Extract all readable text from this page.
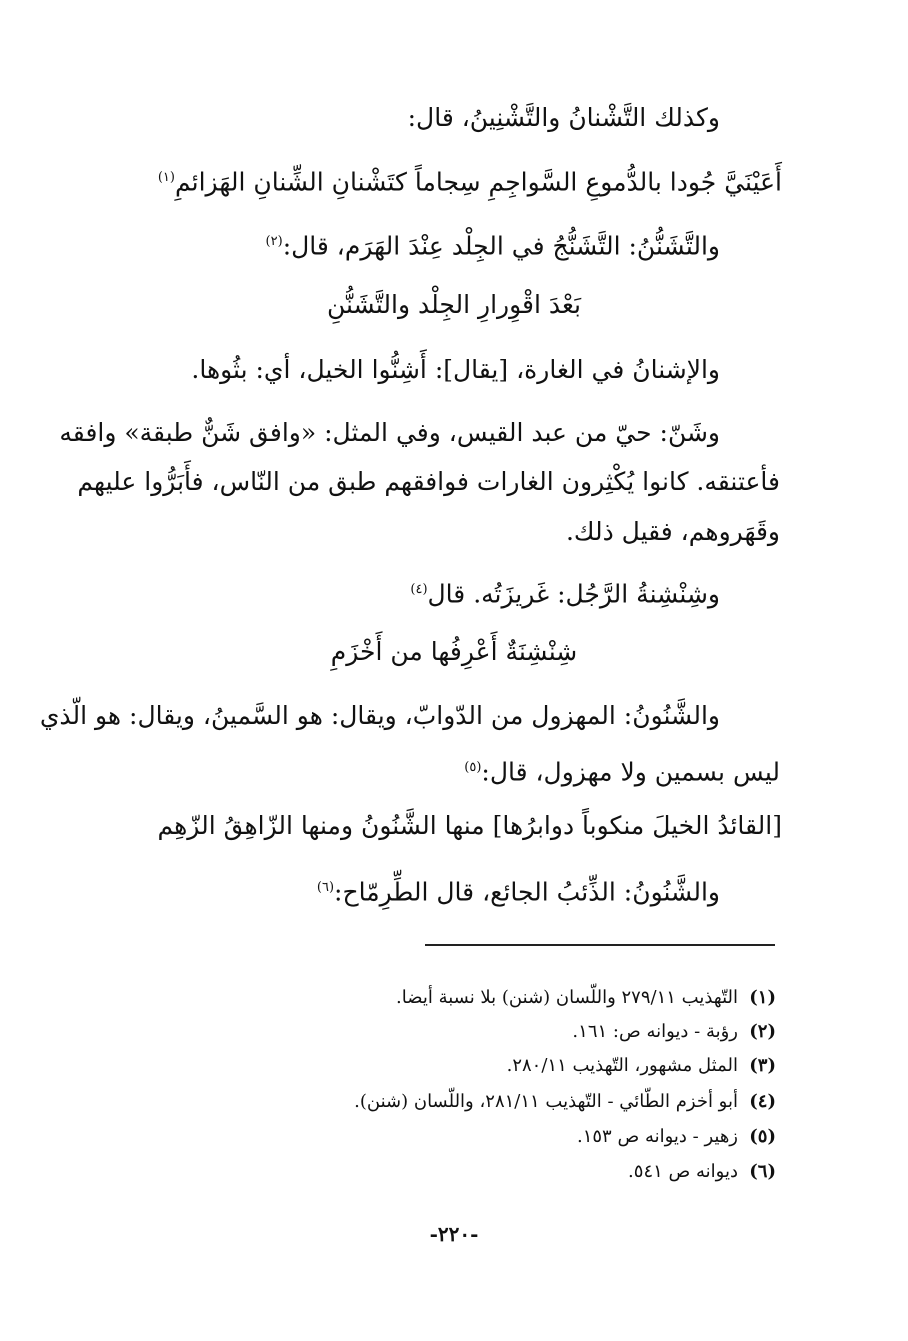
وكذلك التَّشْنانُ والتَّشْنِينُ، قال:
أَعَيْنَيَّ جُودا بالدُّموعِ السَّواجِمِ سِجاماً كتَشْنانِ الشِّنانِ الهَزائمِ$^{(١)}$
والتَّشَنُّنُ: التَّشَنُّجُ في الجِلْد عِنْدَ الهَرَم، قال:$^{(٢)}$
بَعْدَ اقْوِرارِ الجِلْد والتَّشَنُّنِ
والإشنانُ في الغارة، [يقال]: أَشِنُّوا الخيل، أي: بثُوها.
وشَنّ: حيّ من عبد القيس، وفي المثل: «وافق شَنٌّ طبقة» وافقه
فأعتنقه. كانوا يُكْثِرون الغارات فوافقهم طبق من النّاس، فأَبَرُّوا عليهم
وقَهَروهم، فقيل ذلك.
وشِنْشِنةُ الرَّجُل: غَريزَتُه. قال$^{(٤)}$
شِنْشِنَةٌ أَعْرِفُها من أَخْزَمِ
والشَّنُونُ: المهزول من الدّوابّ، ويقال: هو السَّمينُ، ويقال: هو الّذي
ليس بسمين ولا مهزول، قال:$^{(٥)}$
[القائدُ الخيلَ منكوباً دوابرُها] منها الشَّنُونُ ومنها الزّاهِقُ الزّهِم
والشَّنُونُ: الذِّئبُ الجائع، قال الطِّرِمّاح:$^{(٦)}$
(١)التّهذيب ٢٧٩/١١ واللّسان (شنن) بلا نسبة أيضا.
(٢)رؤبة - ديوانه ص: ١٦١.
(٣)المثل مشهور، التّهذيب ٢٨٠/١١.
(٤)أبو أخزم الطّائي - التّهذيب ٢٨١/١١، واللّسان (شنن).
(٥)زهير - ديوانه ص ١٥٣.
(٦)ديوانه ص ٥٤١.
-٢٢٠-
